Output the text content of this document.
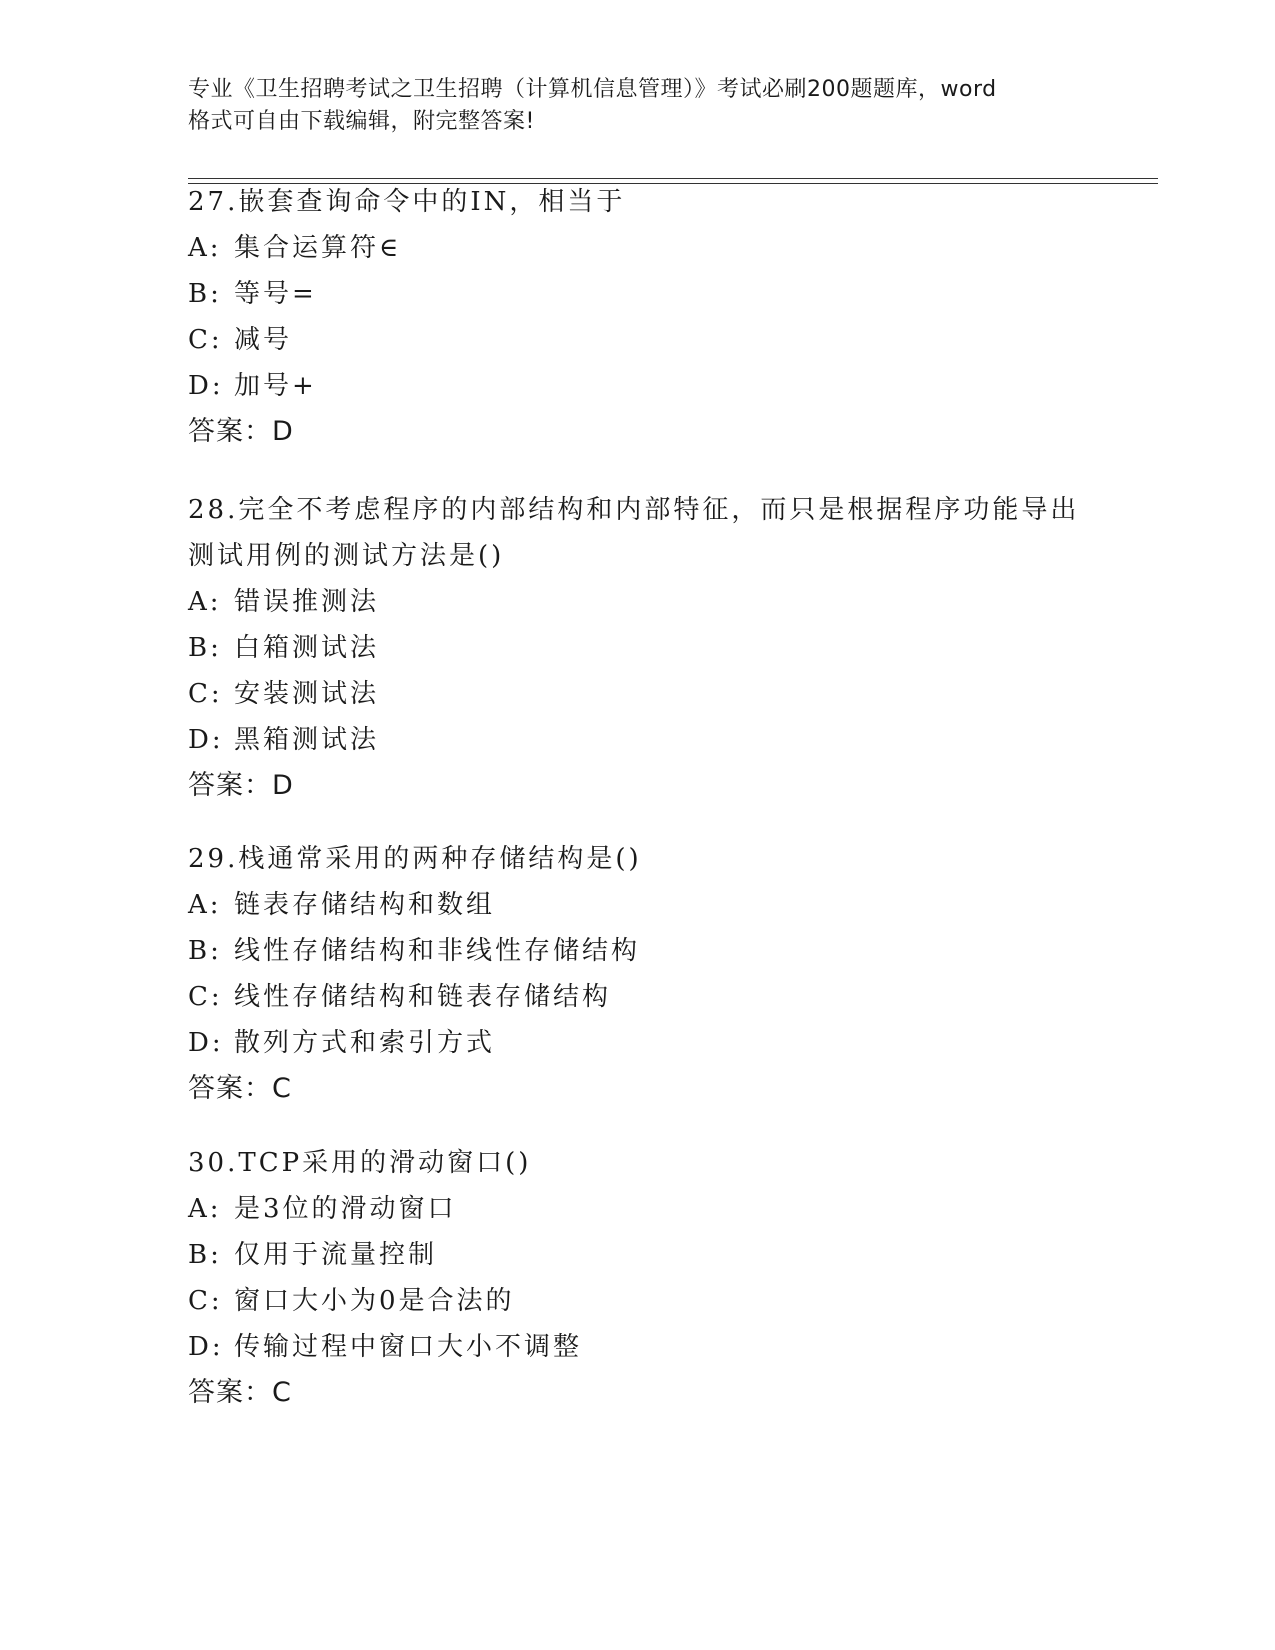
专业《卫生招聘考试之卫生招聘（计算机信息管理）》考试必刷200题题库，word
格式可自由下载编辑，附完整答案!
27.嵌套查询命令中的IN，相当于
A: 集合运算符∈
B: 等号=
C: 减号
D: 加号+
答案：D
28.完全不考虑程序的内部结构和内部特征，而只是根据程序功能导出
测试用例的测试方法是()
A: 错误推测法
B: 白箱测试法
C: 安装测试法
D: 黑箱测试法
答案：D
29.栈通常采用的两种存储结构是()
A: 链表存储结构和数组
B: 线性存储结构和非线性存储结构
C: 线性存储结构和链表存储结构
D: 散列方式和索引方式
答案：C
30.TCP采用的滑动窗口()
A: 是3位的滑动窗口
B: 仅用于流量控制
C: 窗口大小为0是合法的
D: 传输过程中窗口大小不调整
答案：C
